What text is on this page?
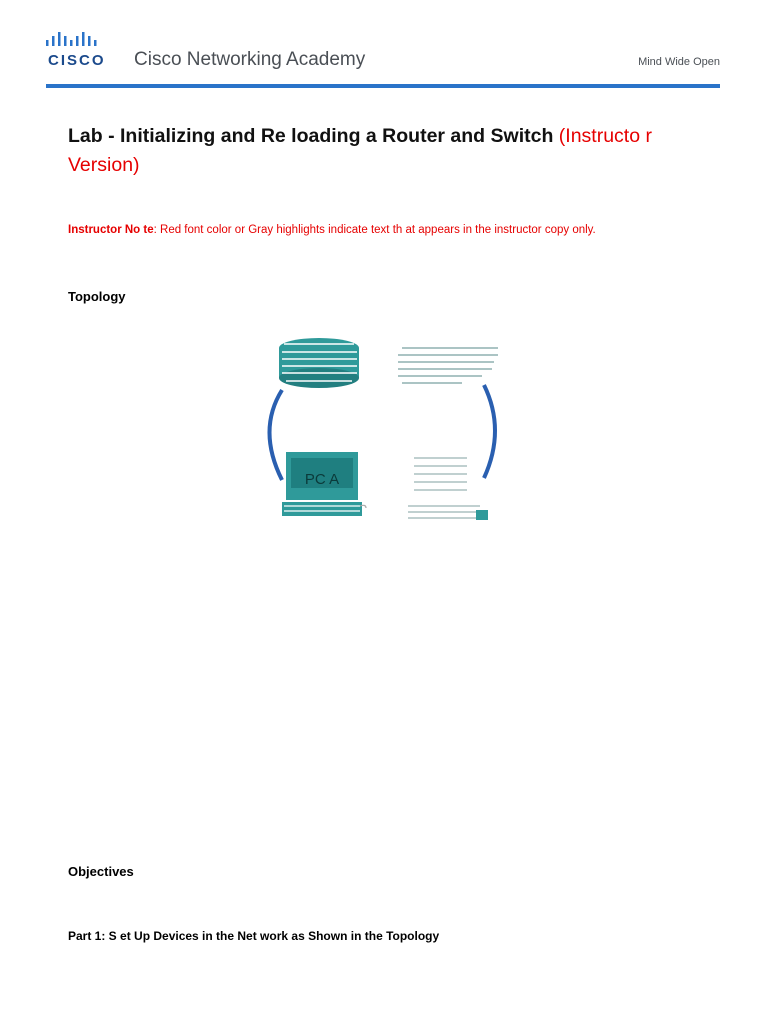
CISCO Cisco Networking Academy	Mind Wide Open
Lab - Initializing and Re loading a Router and Switch (Instructo r Version)
Instructor No te: Red font color or Gray highlights indicate text th at appears in the instructor copy only.
Topology
PC A
Objectives
Part 1: S et Up Devices in the Net work as Shown in the Topology
